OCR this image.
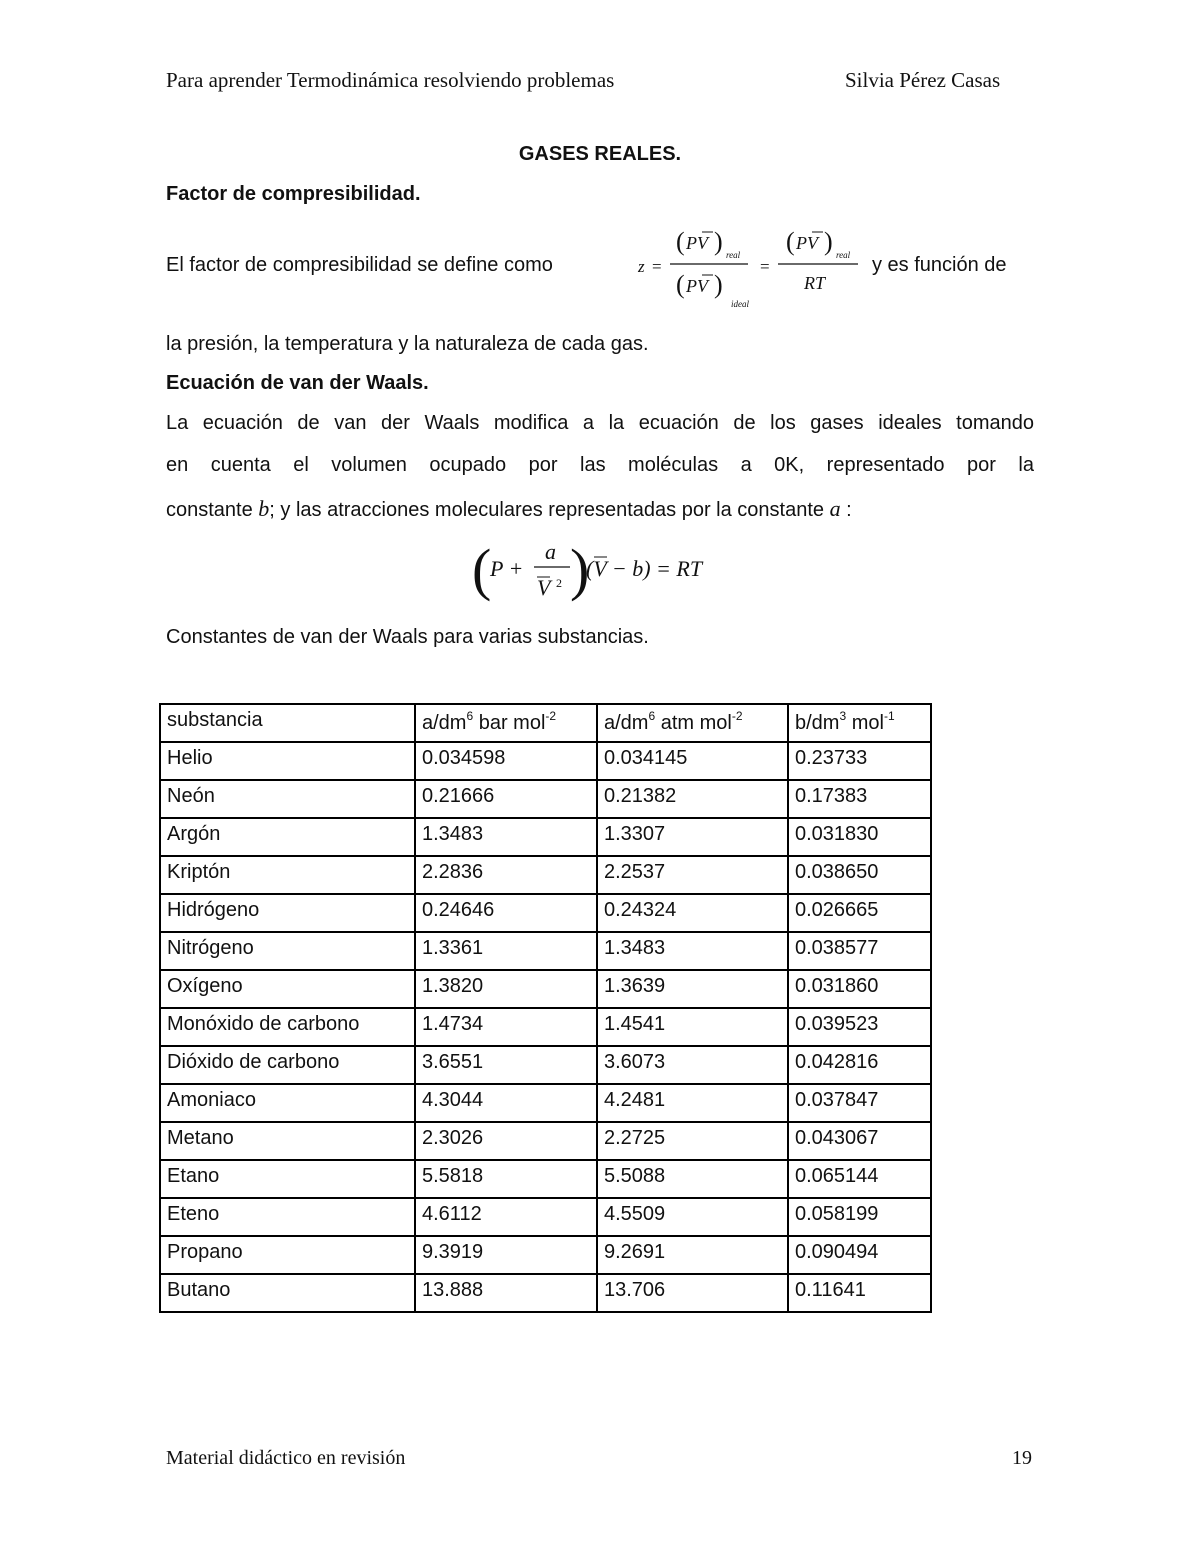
Para aprender Termodinámica resolviendo problemas	Silvia Pérez Casas
GASES REALES.
Factor de compresibilidad.
El factor de compresibilidad se define como	z =
( PV ) real
( PV )
ideal
=
( PV ) real
RT
y es función de
la presión, la temperatura y la naturaleza de cada gas.
Ecuación de van der Waals.
La ecuación de van der Waals modifica a la ecuación de los gases ideales tomando
en cuenta el volumen ocupado por las moléculas a 0K, representado por la
constante b; y las atracciones moleculares representadas por la constante a :
(
P +
a
V 2 )
(V − b) = RT
Constantes de van der Waals para varias substancias.
substancia	$a/dm^6$ bar mol$^{-2}$	$a/dm^6$ atm mol$^{-2}$	$b/dm^3$ mol$^{-1}$
Helio	0.034598	0.034145	0.23733
Neón	0.21666	0.21382	0.17383
Argón	1.3483	1.3307	0.031830
Kriptón	2.2836	2.2537	0.038650
Hidrógeno	0.24646	0.24324	0.026665
Nitrógeno	1.3361	1.3483	0.038577
Oxígeno	1.3820	1.3639	0.031860
Monóxido de carbono	1.4734	1.4541	0.039523
Dióxido de carbono	3.6551	3.6073	0.042816
Amoniaco	4.3044	4.2481	0.037847
Metano	2.3026	2.2725	0.043067
Etano	5.5818	5.5088	0.065144
Eteno	4.6112	4.5509	0.058199
Propano	9.3919	9.2691	0.090494
Butano	13.888	13.706	0.11641
Material didáctico en revisión	19
